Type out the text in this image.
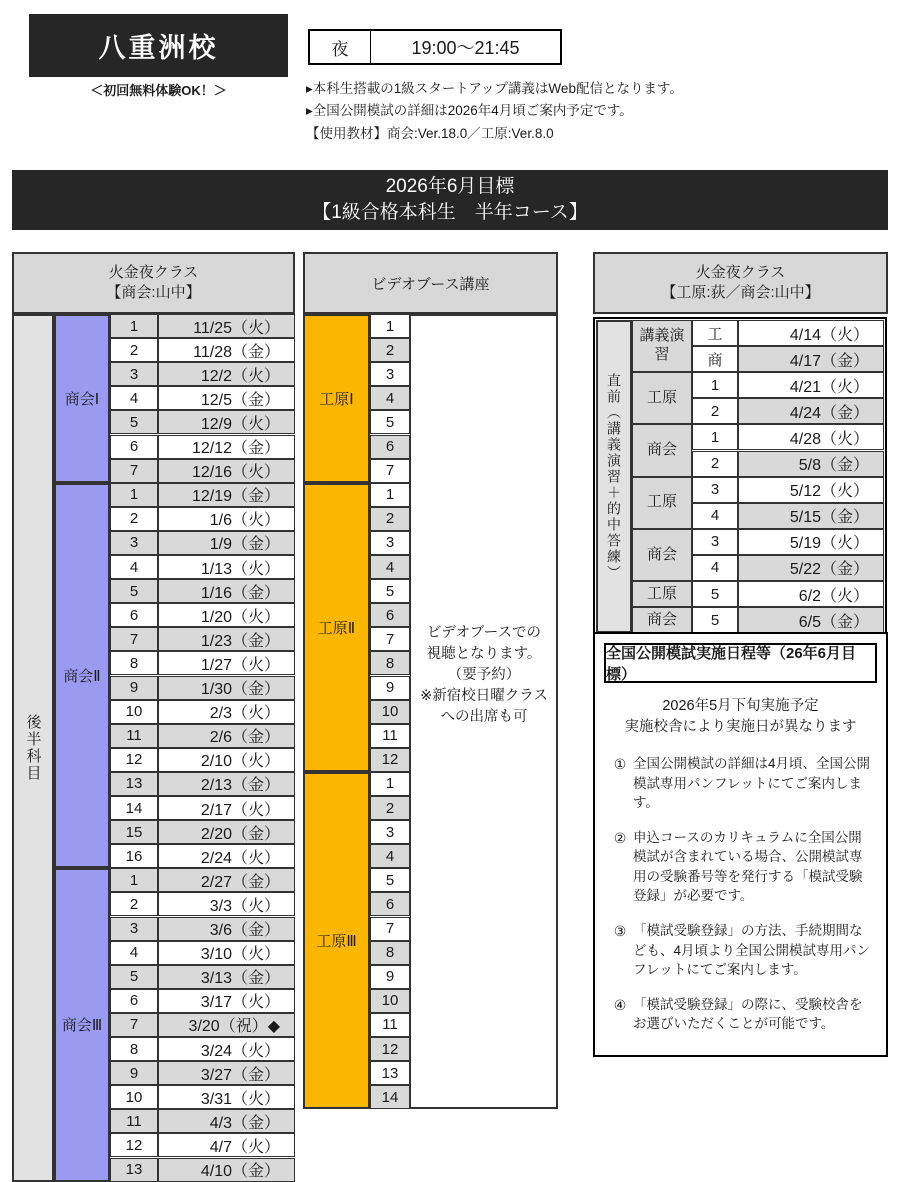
八重洲校
＜初回無料体験OK！＞
夜	19:00〜21:45
▸本科生搭載の1級スタートアップ講義はWeb配信となります。
▸全国公開模試の詳細は2026年4月頃ご案内予定です。
【使用教材】商会:Ver.18.0／工原:Ver.8.0
2026年6月目標
【1級合格本科生　半年コース】
火金夜クラス
【商会:山中】	ビデオブース講座
火金夜クラス
【工原:荻／商会:山中】
後半科目
商会Ⅰ
1	11/25（火）
2	11/28（金）
3	12/2（火）
4	12/5（金）
5	12/9（火）
6	12/12（金）
7	12/16（火）
商会Ⅱ
1	12/19（金）
2	1/6（火）
3	1/9（金）
4	1/13（火）
5	1/16（金）
6	1/20（火）
7	1/23（金）
8	1/27（火）
9	1/30（金）
10	2/3（火）
11	2/6（金）
12	2/10（火）
13	2/13（金）
14	2/17（火）
15	2/20（金）
16	2/24（火）
商会Ⅲ
1	2/27（金）
2	3/3（火）
3	3/6（金）
4	3/10（火）
5	3/13（金）
6	3/17（火）
7	3/20（祝）◆
8	3/24（火）
9	3/27（金）
10	3/31（火）
11	4/3（金）
12	4/7（火）
13	4/10（金）
工原Ⅰ
1
2
3
4
5
6
7
工原Ⅱ
1
2
3
4
5
6
7
8
9
10
11
12
工原Ⅲ
1
2
3
4
5
6
7
8
9
10
11
12
13
14
ビデオブースでの
視聴となります。
（要予約）
※新宿校日曜クラス
への出席も可
直前（講義演習＋的中答練）
講義演習
工	4/14（火）
商	4/17（金）
工原
1	4/21（火）
2	4/24（金）
商会
1	4/28（火）
2	5/8（金）
工原
3	5/12（火）
4	5/15（金）
商会
3	5/19（火）
4	5/22（金）
工原	5	6/2（火）
商会	5	6/5（金）
全国公開模試実施日程等（26年6月目標）
2026年5月下旬実施予定
実施校舎により実施日が異なります
① 全国公開模試の詳細は4月頃、全国公開模試専用パンフレットにてご案内します。
② 申込コースのカリキュラムに全国公開模試が含まれている場合、公開模試専用の受験番号等を発行する「模試受験登録」が必要です。
③ 「模試受験登録」の方法、手続期間なども、4月頃より全国公開模試専用パンフレットにてご案内します。
④ 「模試受験登録」の際に、受験校舎をお選びいただくことが可能です。
